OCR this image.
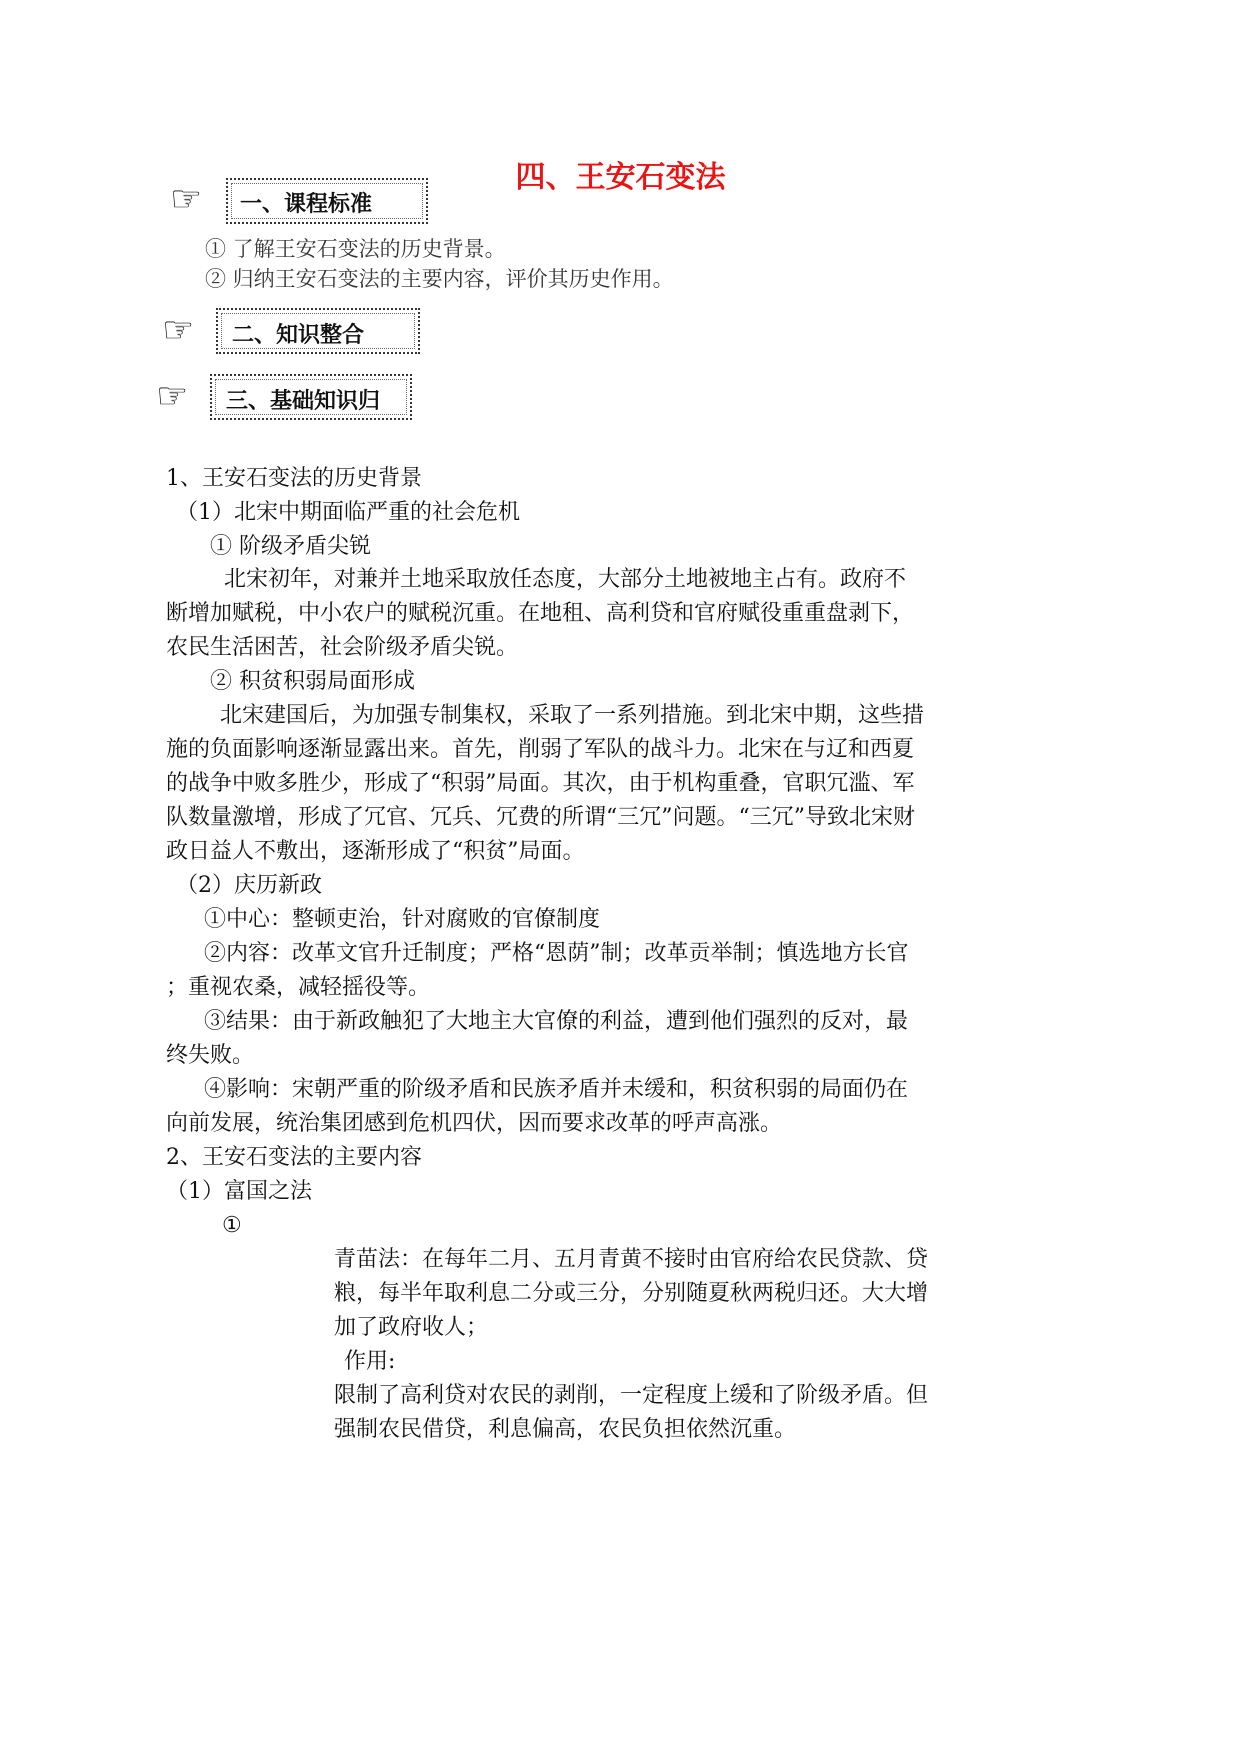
四、王安石变法
☞ 一、课程标准
① 了解王安石变法的历史背景。
② 归纳王安石变法的主要内容，评价其历史作用。
☞ 二、知识整合
☞ 三、基础知识归
1、王安石变法的历史背景
（1）北宋中期面临严重的社会危机
① 阶级矛盾尖锐
北宋初年，对兼并土地采取放任态度，大部分土地被地主占有。政府不
断增加赋税，中小农户的赋税沉重。在地租、高利贷和官府赋役重重盘剥下，
农民生活困苦，社会阶级矛盾尖锐。
② 积贫积弱局面形成
北宋建国后，为加强专制集权，采取了一系列措施。到北宋中期，这些措
施的负面影响逐渐显露出来。首先，削弱了军队的战斗力。北宋在与辽和西夏
的战争中败多胜少，形成了“积弱”局面。其次，由于机构重叠，官职冗滥、军
队数量激增，形成了冗官、冗兵、冗费的所谓“三冗”问题。“三冗”导致北宋财
政日益人不敷出，逐渐形成了“积贫”局面。
（2）庆历新政
①中心：整顿吏治，针对腐败的官僚制度
②内容：改革文官升迁制度；严格“恩荫”制；改革贡举制；慎选地方长官
；重视农桑，减轻摇役等。
③结果：由于新政触犯了大地主大官僚的利益，遭到他们强烈的反对，最
终失败。
④影响：宋朝严重的阶级矛盾和民族矛盾并未缓和，积贫积弱的局面仍在
向前发展，统治集团感到危机四伏，因而要求改革的呼声高涨。
2、王安石变法的主要内容
（1）富国之法
①
青苗法：在每年二月、五月青黄不接时由官府给农民贷款、贷
粮，每半年取利息二分或三分，分别随夏秋两税归还。大大增
加了政府收人；
作用:
限制了高利贷对农民的剥削，一定程度上缓和了阶级矛盾。但
强制农民借贷，利息偏高，农民负担依然沉重。
